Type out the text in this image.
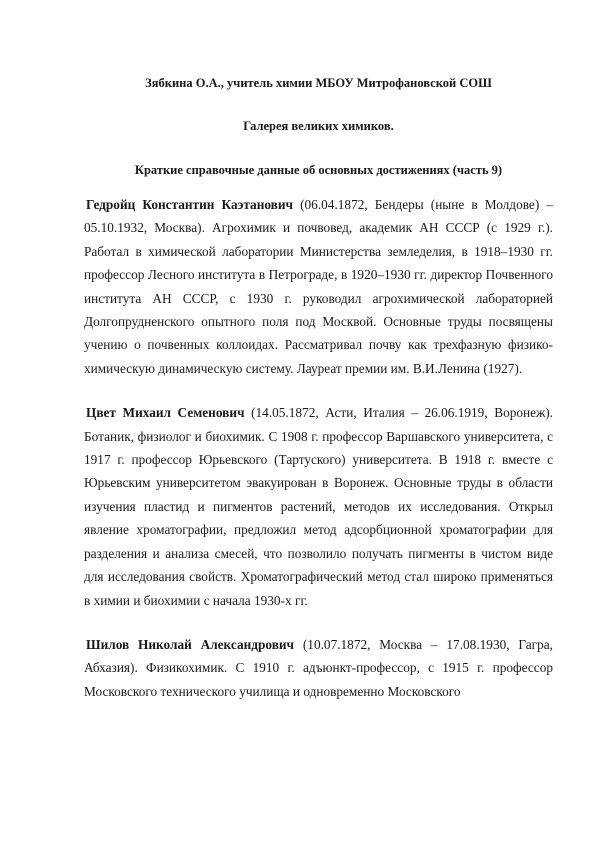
Зябкина О.А., учитель химии МБОУ Митрофановской СОШ

Галерея великих химиков.

Краткие справочные данные об основных достижениях (часть 9)

Гедройц Константин Каэтанович (06.04.1872, Бендеры (ныне в Молдове) – 05.10.1932, Москва). Агрохимик и почвовед, академик АН СССР (с 1929 г.). Работал в химической лаборатории Министерства земледелия, в 1918–1930 гг. профессор Лесного института в Петрограде, в 1920–1930 гг. директор Почвенного института АН СССР, с 1930 г. руководил агрохимической лабораторией Долгопрудненского опытного поля под Москвой. Основные труды посвящены учению о почвенных коллоидах. Рассматривал почву как трехфазную физико-химическую динамическую систему. Лауреат премии им. В.И.Ленина (1927).

Цвет Михаил Семенович (14.05.1872, Асти, Италия – 26.06.1919, Воронеж). Ботаник, физиолог и биохимик. С 1908 г. профессор Варшавского университета, с 1917 г. профессор Юрьевского (Тартуского) университета. В 1918 г. вместе с Юрьевским университетом эвакуирован в Воронеж. Основные труды в области изучения пластид и пигментов растений, методов их исследования. Открыл явление хроматографии, предложил метод адсорбционной хроматографии для разделения и анализа смесей, что позволило получать пигменты в чистом виде для исследования свойств. Хроматографический метод стал широко применяться в химии и биохимии с начала 1930-х гг.

Шилов Николай Александрович (10.07.1872, Москва – 17.08.1930, Гагра, Абхазия). Физикохимик. С 1910 г. адъюнкт-профессор, с 1915 г. профессор Московского технического училища и одновременно Московского
